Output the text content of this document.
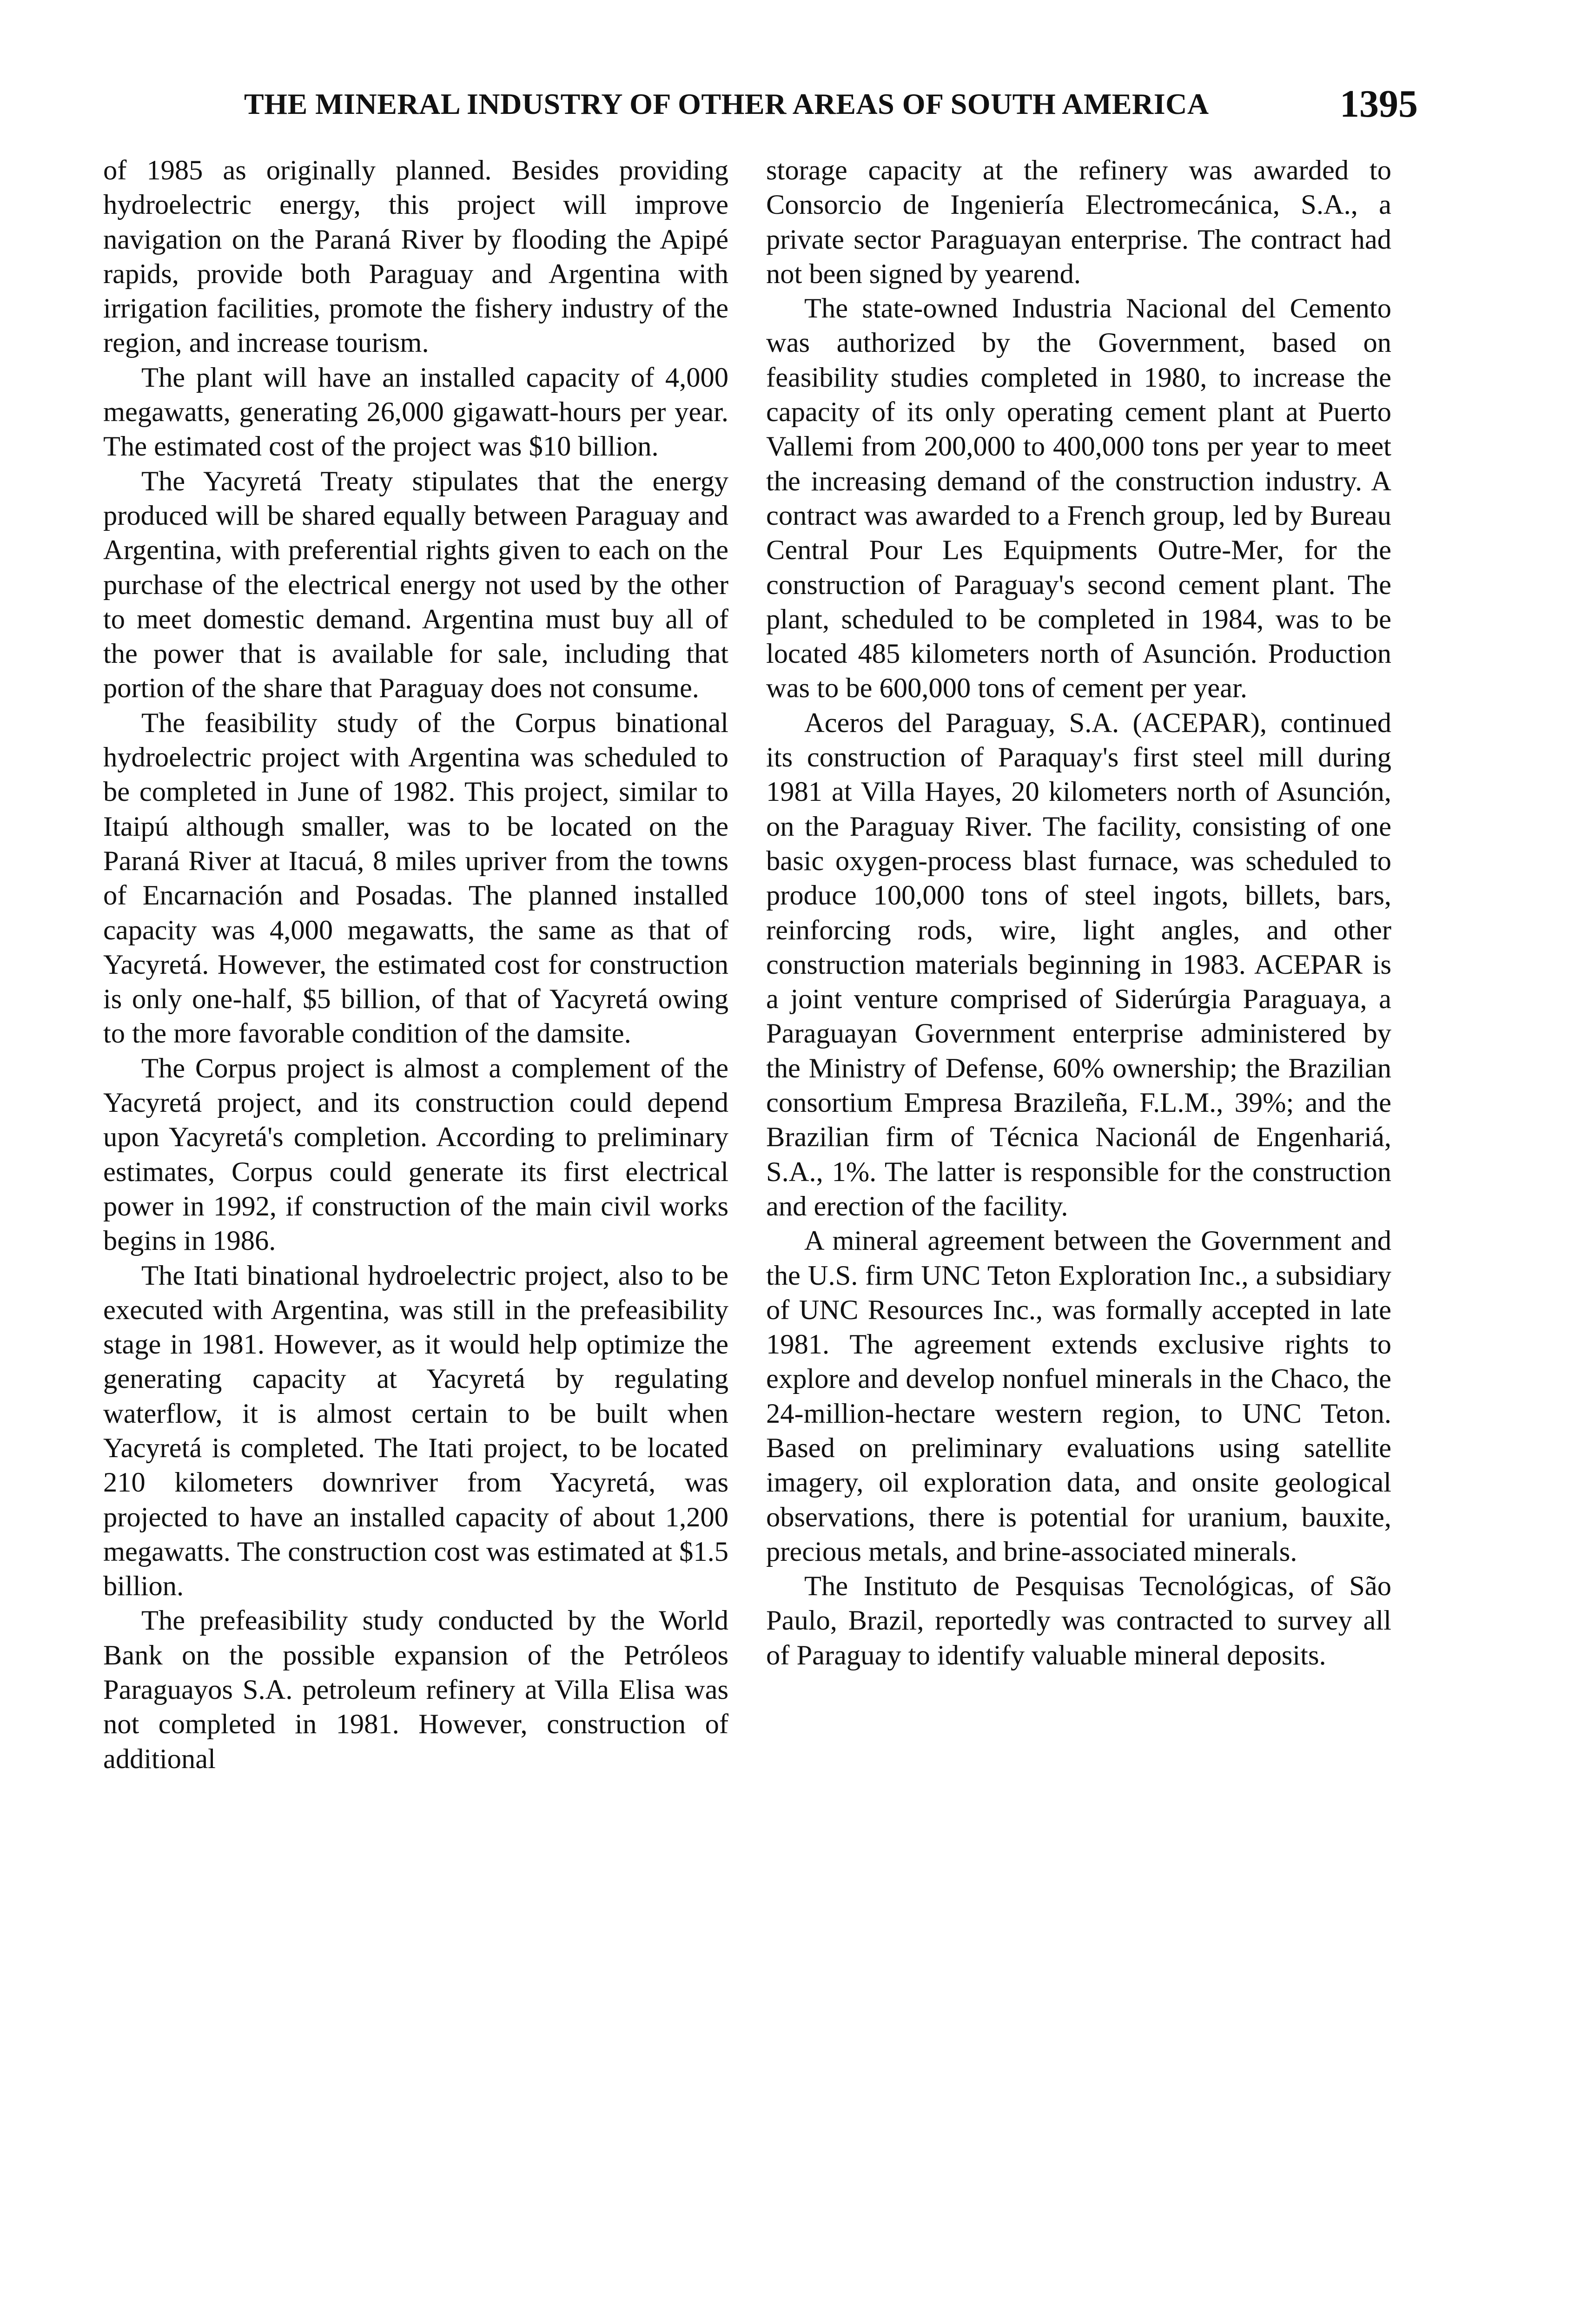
THE MINERAL INDUSTRY OF OTHER AREAS OF SOUTH AMERICA	1395

of 1985 as originally planned. Besides providing hydroelectric energy, this project will improve navigation on the Paraná River by flooding the Apipé rapids, provide both Paraguay and Argentina with irrigation facilities, promote the fishery industry of the region, and increase tourism.

The plant will have an installed capacity of 4,000 megawatts, generating 26,000 gigawatt-hours per year. The estimated cost of the project was $10 billion.

The Yacyretá Treaty stipulates that the energy produced will be shared equally between Paraguay and Argentina, with preferential rights given to each on the purchase of the electrical energy not used by the other to meet domestic demand. Argentina must buy all of the power that is available for sale, including that portion of the share that Paraguay does not consume.

The feasibility study of the Corpus binational hydroelectric project with Argentina was scheduled to be completed in June of 1982. This project, similar to Itaipú although smaller, was to be located on the Paraná River at Itacuá, 8 miles upriver from the towns of Encarnación and Posadas. The planned installed capacity was 4,000 megawatts, the same as that of Yacyretá. However, the estimated cost for construction is only one-half, $5 billion, of that of Yacyretá owing to the more favorable condition of the damsite.

The Corpus project is almost a complement of the Yacyretá project, and its construction could depend upon Yacyretá's completion. According to preliminary estimates, Corpus could generate its first electrical power in 1992, if construction of the main civil works begins in 1986.

The Itati binational hydroelectric project, also to be executed with Argentina, was still in the prefeasibility stage in 1981. However, as it would help optimize the generating capacity at Yacyretá by regulating waterflow, it is almost certain to be built when Yacyretá is completed. The Itati project, to be located 210 kilometers downriver from Yacyretá, was projected to have an installed capacity of about 1,200 megawatts. The construction cost was estimated at $1.5 billion.

The prefeasibility study conducted by the World Bank on the possible expansion of the Petróleos Paraguayos S.A. petroleum refinery at Villa Elisa was not completed in 1981. However, construction of additional

storage capacity at the refinery was awarded to Consorcio de Ingeniería Electromecánica, S.A., a private sector Paraguayan enterprise. The contract had not been signed by yearend.

The state-owned Industria Nacional del Cemento was authorized by the Government, based on feasibility studies completed in 1980, to increase the capacity of its only operating cement plant at Puerto Vallemi from 200,000 to 400,000 tons per year to meet the increasing demand of the construction industry. A contract was awarded to a French group, led by Bureau Central Pour Les Equipments Outre-Mer, for the construction of Paraguay's second cement plant. The plant, scheduled to be completed in 1984, was to be located 485 kilometers north of Asunción. Production was to be 600,000 tons of cement per year.

Aceros del Paraguay, S.A. (ACEPAR), continued its construction of Paraquay's first steel mill during 1981 at Villa Hayes, 20 kilometers north of Asunción, on the Paraguay River. The facility, consisting of one basic oxygen-process blast furnace, was scheduled to produce 100,000 tons of steel ingots, billets, bars, reinforcing rods, wire, light angles, and other construction materials beginning in 1983. ACEPAR is a joint venture comprised of Siderúrgia Paraguaya, a Paraguayan Government enterprise administered by the Ministry of Defense, 60% ownership; the Brazilian consortium Empresa Brazileña, F.L.M., 39%; and the Brazilian firm of Técnica Nacionál de Engenhariá, S.A., 1%. The latter is responsible for the construction and erection of the facility.

A mineral agreement between the Government and the U.S. firm UNC Teton Exploration Inc., a subsidiary of UNC Resources Inc., was formally accepted in late 1981. The agreement extends exclusive rights to explore and develop nonfuel minerals in the Chaco, the 24-million-hectare western region, to UNC Teton. Based on preliminary evaluations using satellite imagery, oil exploration data, and onsite geological observations, there is potential for uranium, bauxite, precious metals, and brine-associated minerals.

The Instituto de Pesquisas Tecnológicas, of São Paulo, Brazil, reportedly was contracted to survey all of Paraguay to identify valuable mineral deposits.
